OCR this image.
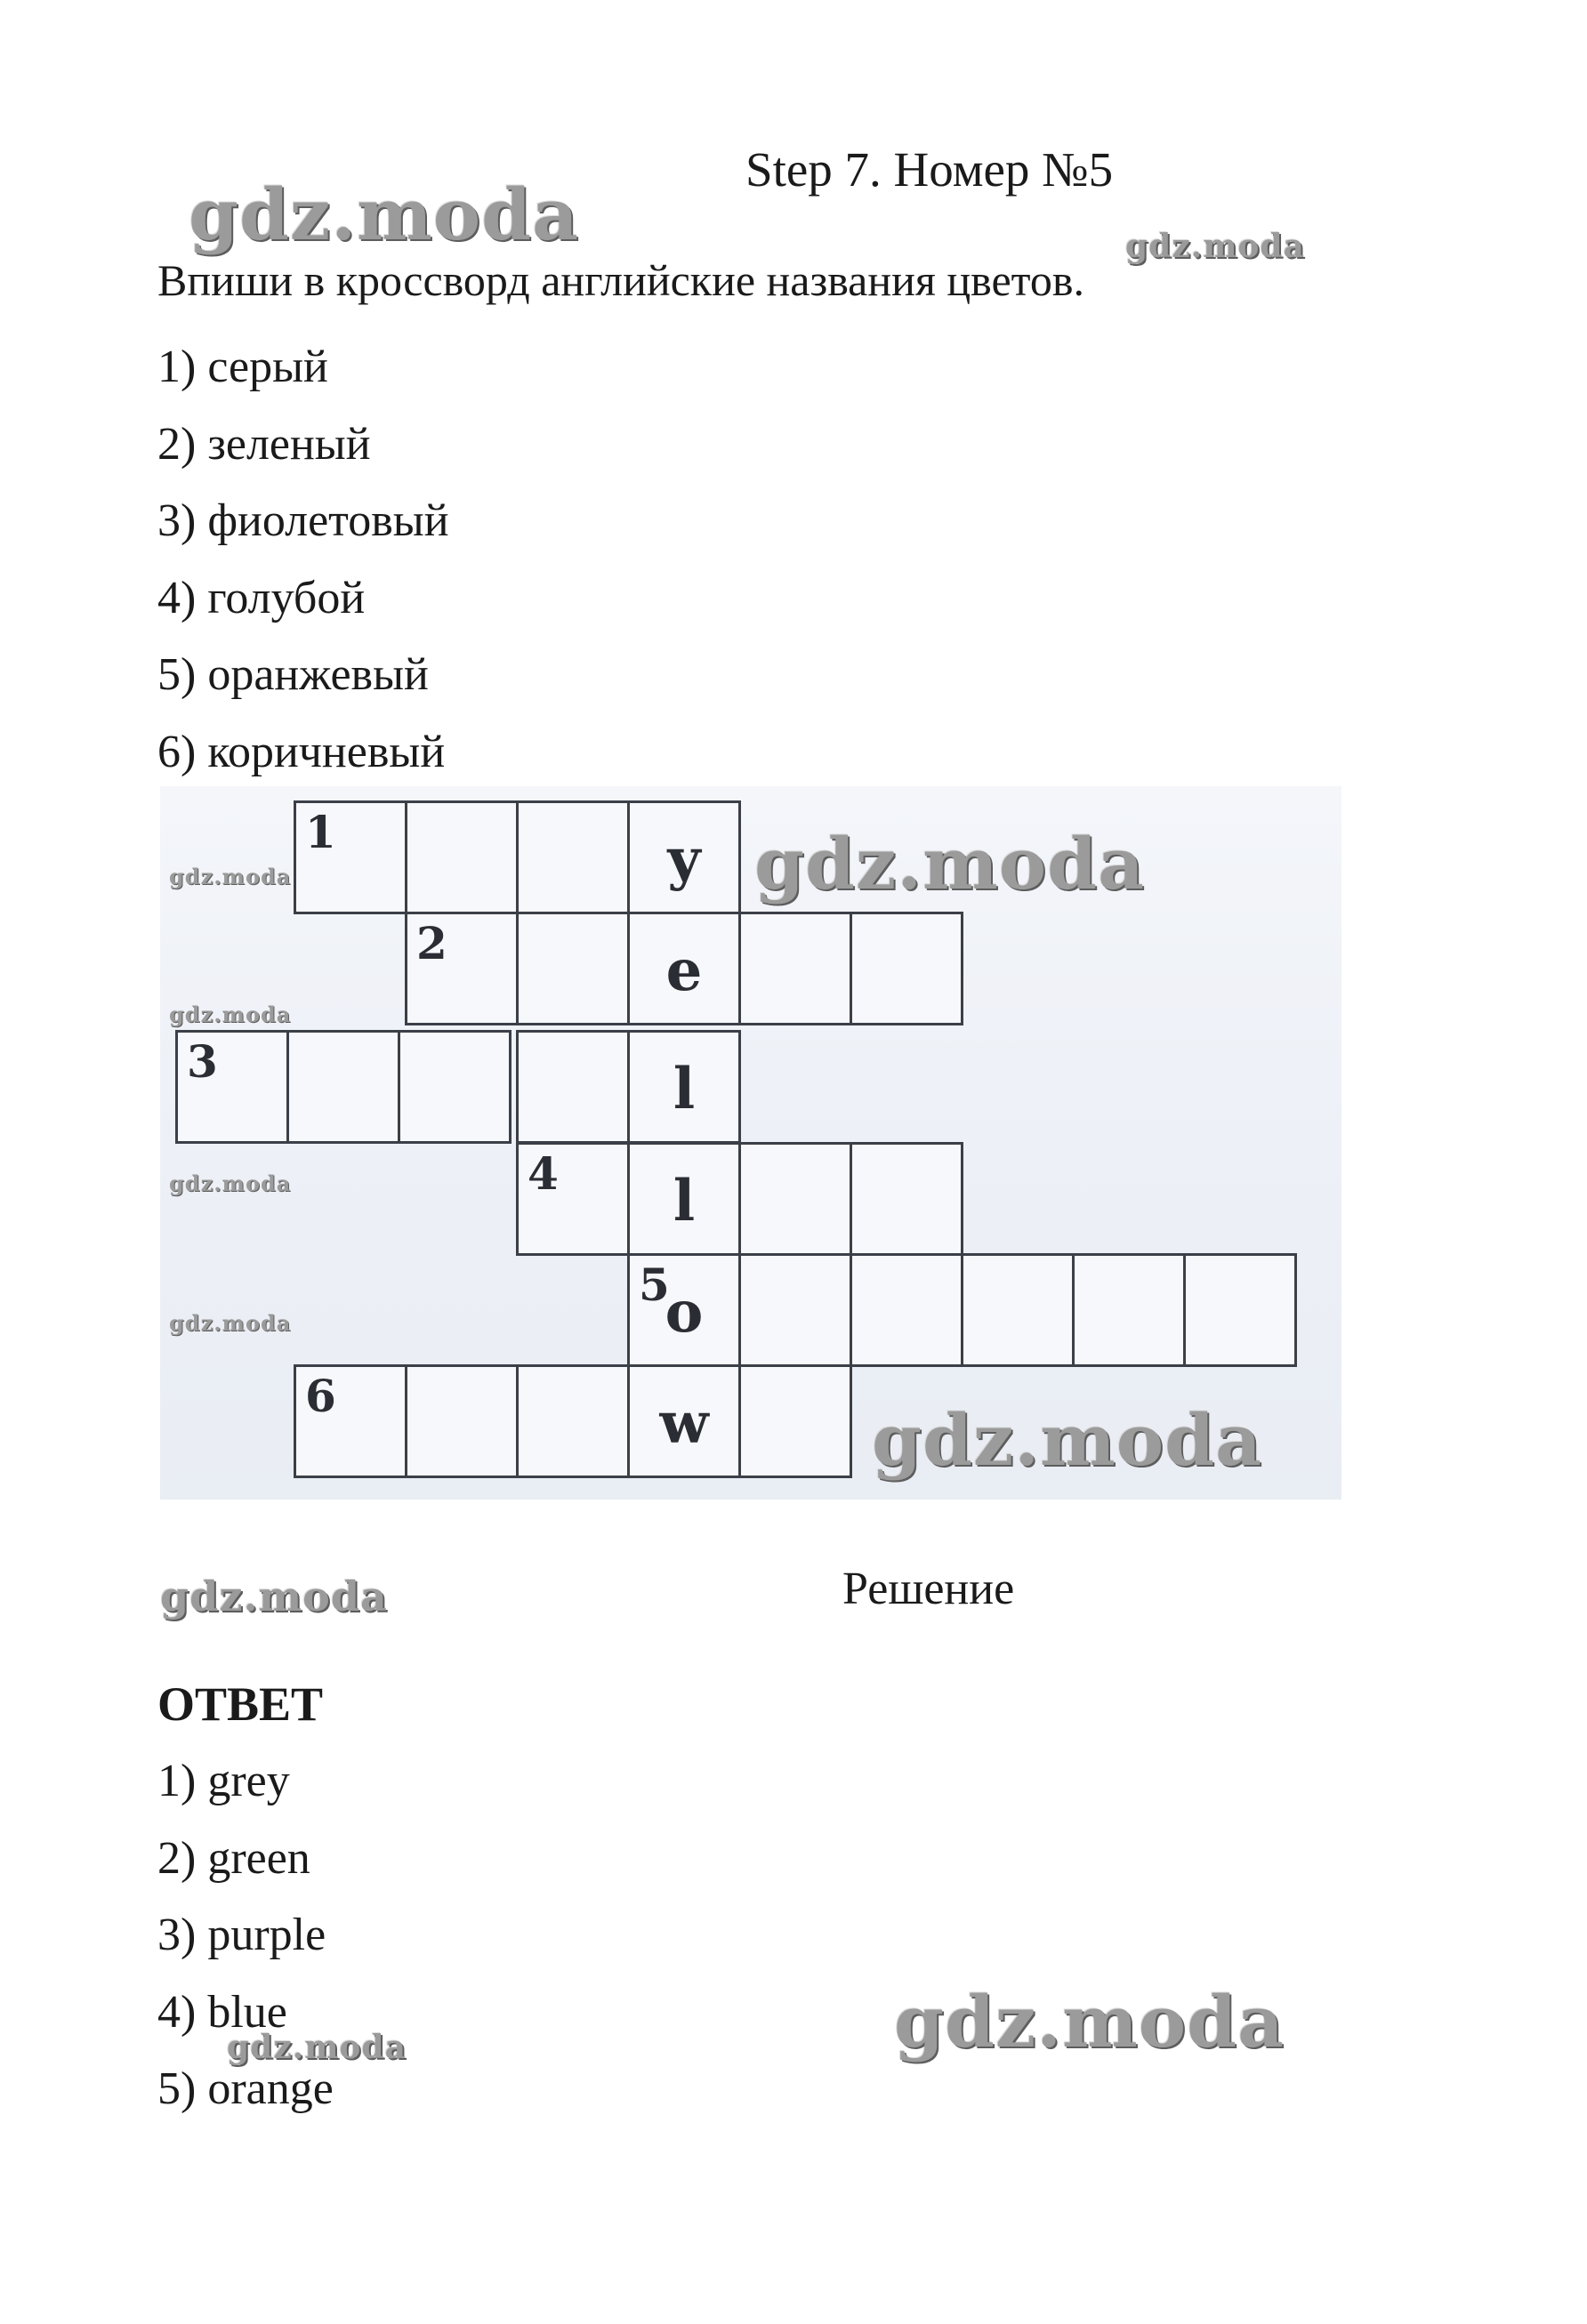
Step 7. Номер №5
Впиши в кроссворд английские названия цветов.
1) серый
2) зеленый
3) фиолетовый
4) голубой
5) оранжевый
6) коричневый
1	y
2	e
3	l
4	l
5
o
6	w
gdz.moda
gdz.moda
gdz.moda
gdz.moda
gdz.moda
gdz.moda
Решение
ОТВЕТ
1) grey
2) green
3) purple
4) blue
5) orange
gdz.moda	gdz.moda
gdz.moda
gdz.moda
gdz.moda
